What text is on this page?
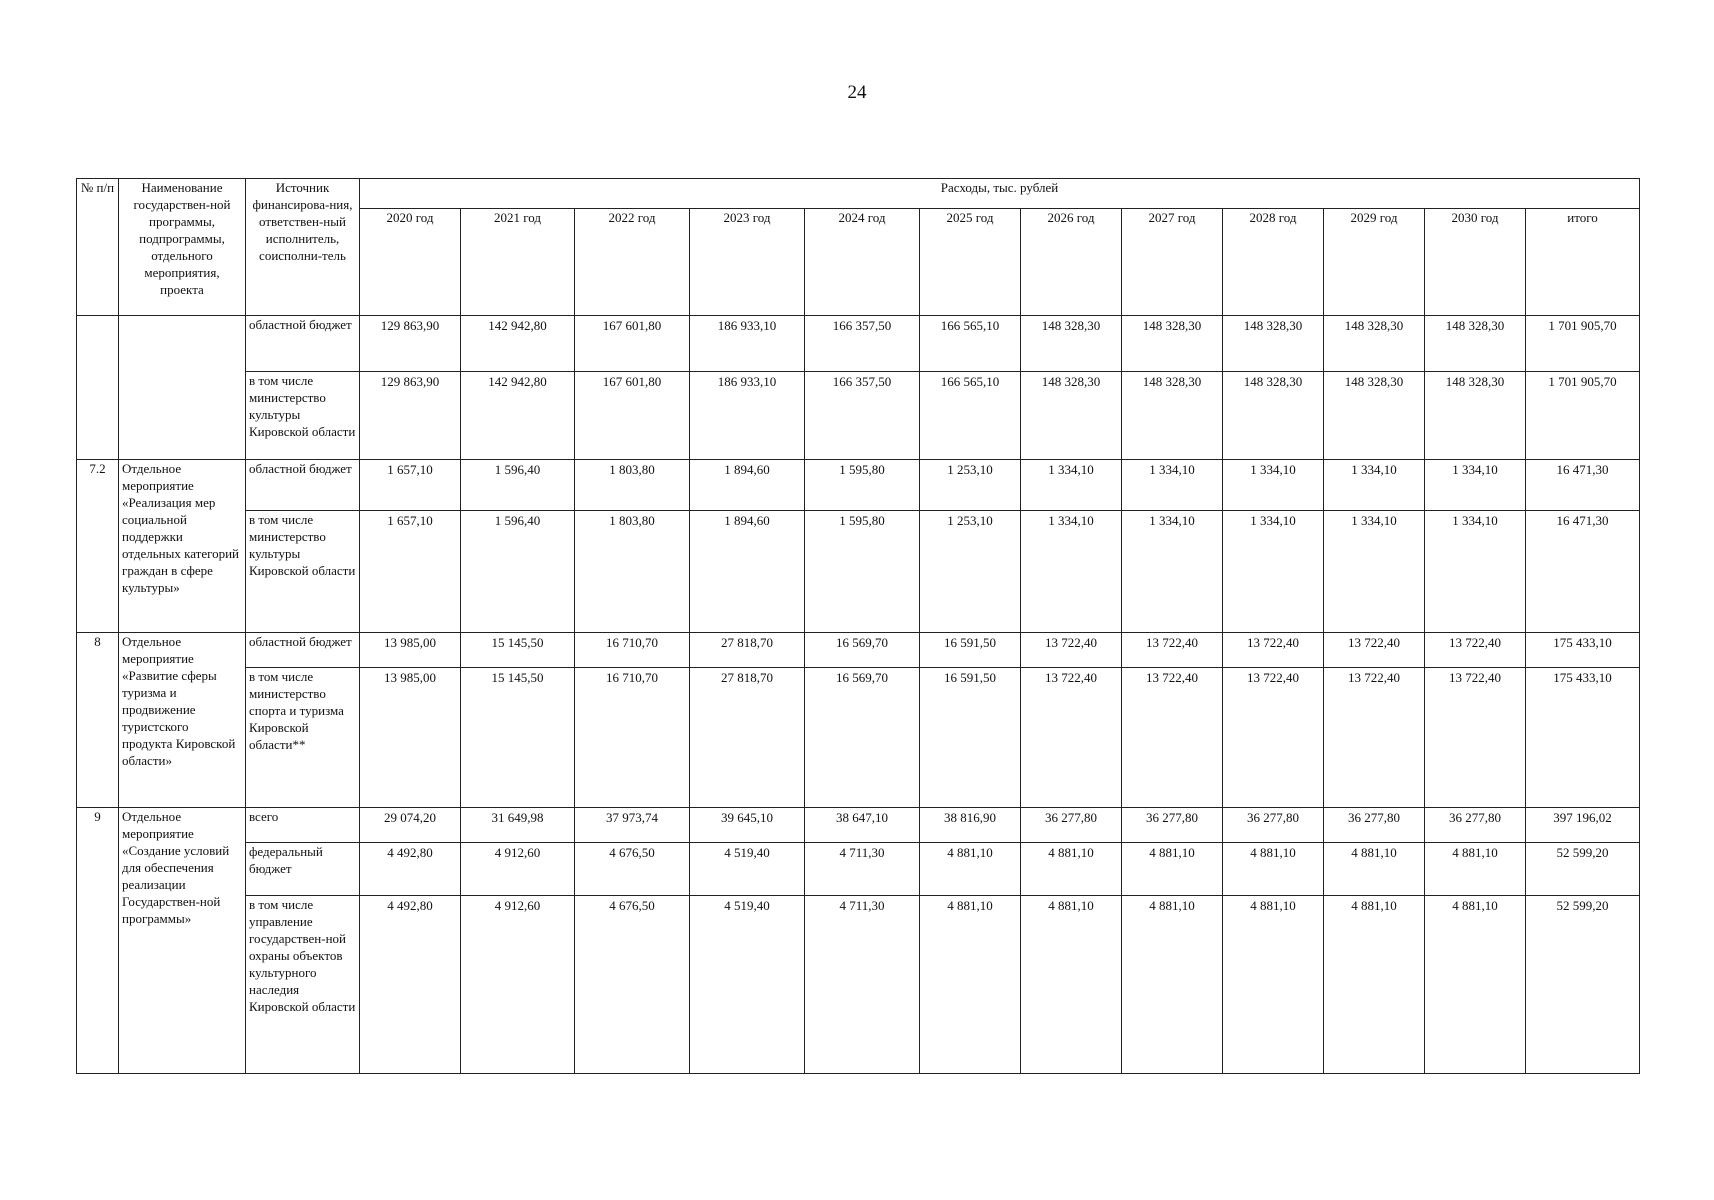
24
№ п/п	Наименование государствен-ной программы, подпрограммы, отдельного мероприятия, проекта	Источник финансирова-ния, ответствен-ный исполнитель, соисполни-тель	Расходы, тыс. рублей											
			2020 год	2021 год	2022 год	2023 год	2024 год	2025 год	2026 год	2027 год	2028 год	2029 год	2030 год	итого
		областной бюджет	129 863,90	142 942,80	167 601,80	186 933,10	166 357,50	166 565,10	148 328,30	148 328,30	148 328,30	148 328,30	148 328,30	1 701 905,70
		в том числе министерство культуры Кировской области	129 863,90	142 942,80	167 601,80	186 933,10	166 357,50	166 565,10	148 328,30	148 328,30	148 328,30	148 328,30	148 328,30	1 701 905,70
7.2	Отдельное мероприятие «Реализация мер социальной поддержки отдельных категорий граждан в сфере культуры»	областной бюджет	1 657,10	1 596,40	1 803,80	1 894,60	1 595,80	1 253,10	1 334,10	1 334,10	1 334,10	1 334,10	1 334,10	16 471,30
		в том числе министерство культуры Кировской области	1 657,10	1 596,40	1 803,80	1 894,60	1 595,80	1 253,10	1 334,10	1 334,10	1 334,10	1 334,10	1 334,10	16 471,30
8	Отдельное мероприятие «Развитие сферы туризма и продвижение туристского продукта Кировской области»	областной бюджет	13 985,00	15 145,50	16 710,70	27 818,70	16 569,70	16 591,50	13 722,40	13 722,40	13 722,40	13 722,40	13 722,40	175 433,10
		в том числе министерство спорта и туризма Кировской области**	13 985,00	15 145,50	16 710,70	27 818,70	16 569,70	16 591,50	13 722,40	13 722,40	13 722,40	13 722,40	13 722,40	175 433,10
9	Отдельное мероприятие «Создание условий для обеспечения реализации Государствен-ной программы»	всего	29 074,20	31 649,98	37 973,74	39 645,10	38 647,10	38 816,90	36 277,80	36 277,80	36 277,80	36 277,80	36 277,80	397 196,02
		федеральный бюджет	4 492,80	4 912,60	4 676,50	4 519,40	4 711,30	4 881,10	4 881,10	4 881,10	4 881,10	4 881,10	4 881,10	52 599,20
		в том числе управление государствен-ной охраны объектов культурного наследия Кировской области	4 492,80	4 912,60	4 676,50	4 519,40	4 711,30	4 881,10	4 881,10	4 881,10	4 881,10	4 881,10	4 881,10	52 599,20
